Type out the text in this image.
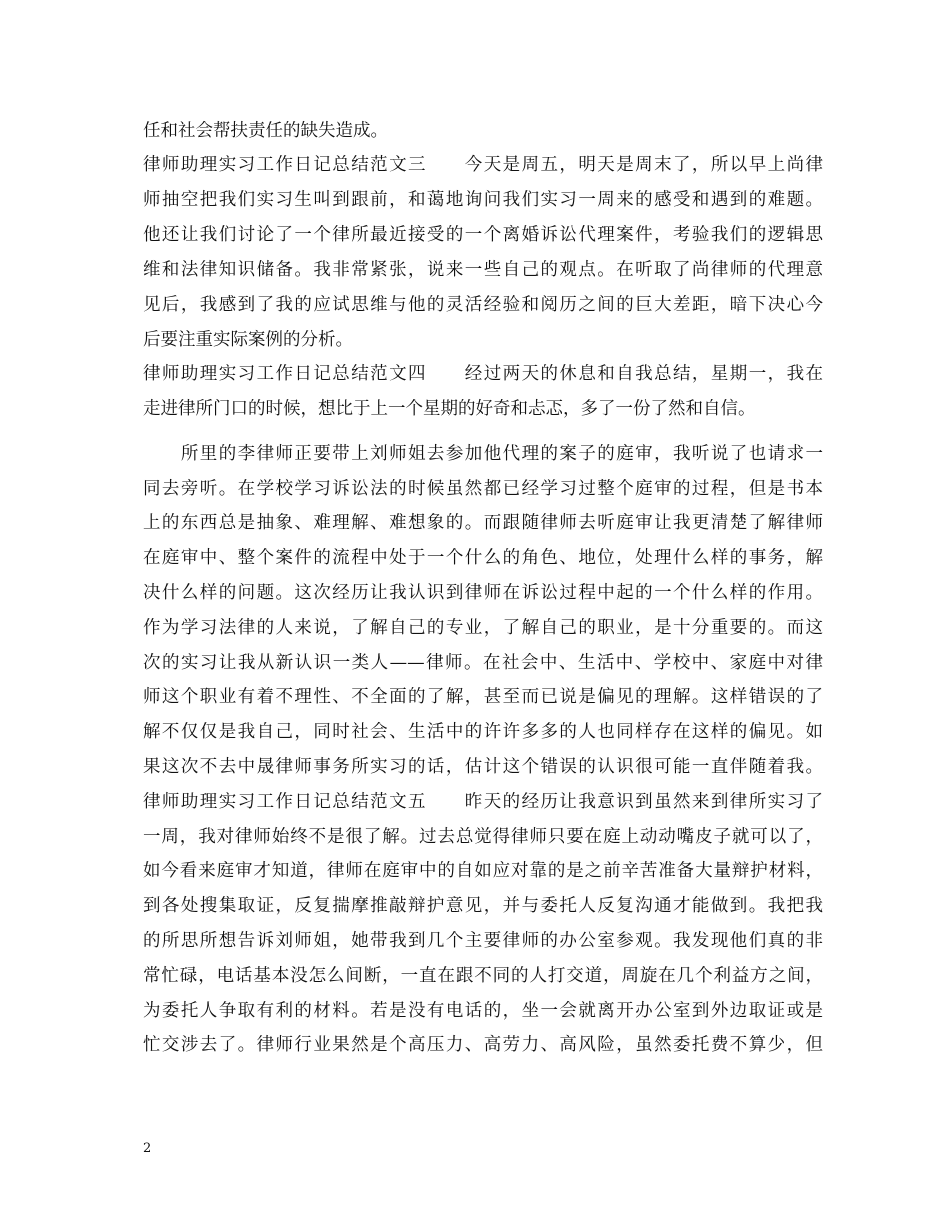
任和社会帮扶责任的缺失造成。
律师助理实习工作日记总结范文三　　今天是周五，明天是周末了，所以早上尚律
师抽空把我们实习生叫到跟前，和蔼地询问我们实习一周来的感受和遇到的难题。
他还让我们讨论了一个律所最近接受的一个离婚诉讼代理案件，考验我们的逻辑思
维和法律知识储备。我非常紧张，说来一些自己的观点。在听取了尚律师的代理意
见后，我感到了我的应试思维与他的灵活经验和阅历之间的巨大差距，暗下决心今
后要注重实际案例的分析。
律师助理实习工作日记总结范文四　　经过两天的休息和自我总结，星期一，我在
走进律所门口的时候，想比于上一个星期的好奇和忐忑，多了一份了然和自信。
　　所里的李律师正要带上刘师姐去参加他代理的案子的庭审，我听说了也请求一
同去旁听。在学校学习诉讼法的时候虽然都已经学习过整个庭审的过程，但是书本
上的东西总是抽象、难理解、难想象的。而跟随律师去听庭审让我更清楚了解律师
在庭审中、整个案件的流程中处于一个什么的角色、地位，处理什么样的事务，解
决什么样的问题。这次经历让我认识到律师在诉讼过程中起的一个什么样的作用。
作为学习法律的人来说，了解自己的专业，了解自己的职业，是十分重要的。而这
次的实习让我从新认识一类人——律师。在社会中、生活中、学校中、家庭中对律
师这个职业有着不理性、不全面的了解，甚至而已说是偏见的理解。这样错误的了
解不仅仅是我自己，同时社会、生活中的许许多多的人也同样存在这样的偏见。如
果这次不去中晟律师事务所实习的话，估计这个错误的认识很可能一直伴随着我。
律师助理实习工作日记总结范文五　　昨天的经历让我意识到虽然来到律所实习了
一周，我对律师始终不是很了解。过去总觉得律师只要在庭上动动嘴皮子就可以了，
如今看来庭审才知道，律师在庭审中的自如应对靠的是之前辛苦准备大量辩护材料，
到各处搜集取证，反复揣摩推敲辩护意见，并与委托人反复沟通才能做到。我把我
的所思所想告诉刘师姐，她带我到几个主要律师的办公室参观。我发现他们真的非
常忙碌，电话基本没怎么间断，一直在跟不同的人打交道，周旋在几个利益方之间，
为委托人争取有利的材料。若是没有电话的，坐一会就离开办公室到外边取证或是
忙交涉去了。律师行业果然是个高压力、高劳力、高风险，虽然委托费不算少，但
2
